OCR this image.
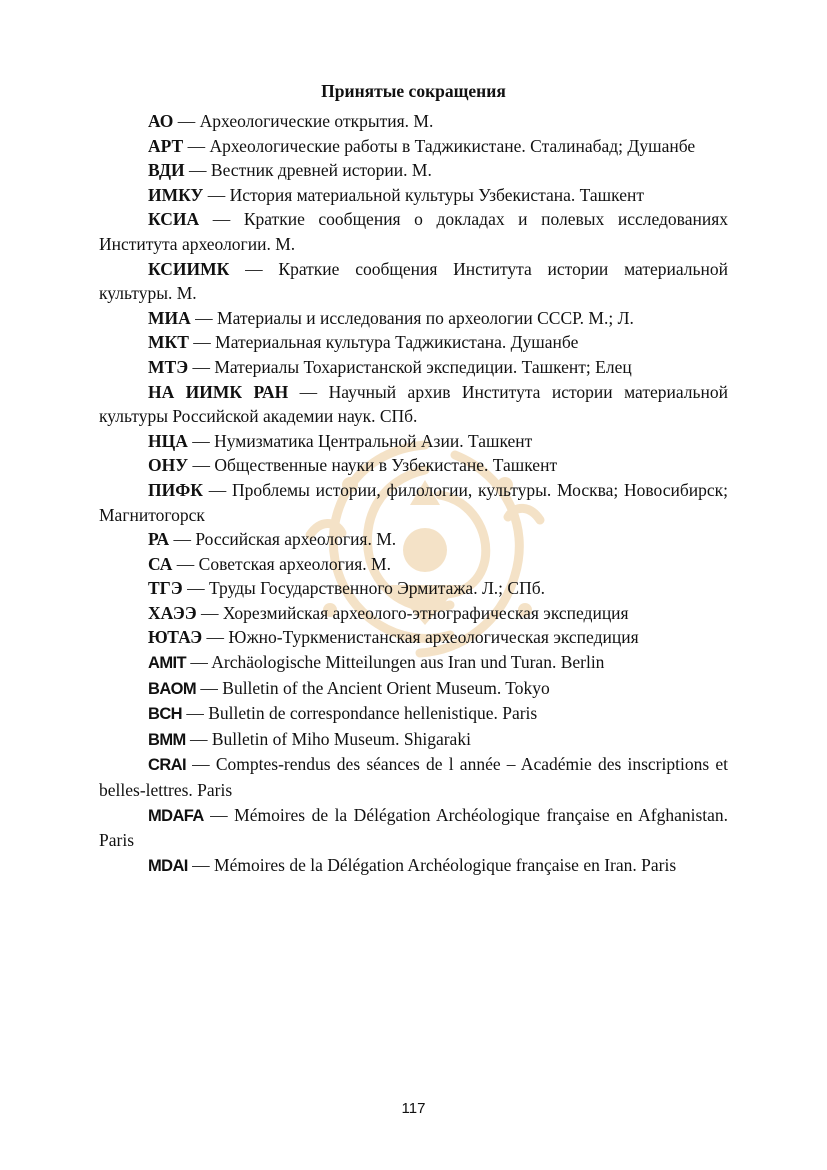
Принятые сокращения

АО — Археологические открытия. М.

АРТ — Археологические работы в Таджикистане. Сталинабад; Душанбе

ВДИ — Вестник древней истории. М.

ИМКУ — История материальной культуры Узбекистана. Ташкент

КСИА — Краткие сообщения о докладах и полевых исследованиях Института археологии. М.

КСИИМК — Краткие сообщения Института истории материальной культуры. М.

МИА — Материалы и исследования по археологии СССР. М.; Л.

МКТ — Материальная культура Таджикистана. Душанбе

МТЭ — Материалы Тохаристанской экспедиции. Ташкент; Елец

НА ИИМК РАН — Научный архив Института истории материальной культуры Российской академии наук. СПб.

НЦА — Нумизматика Центральной Азии. Ташкент

ОНУ — Общественные науки в Узбекистане. Ташкент

ПИФК — Проблемы истории, филологии, культуры. Москва; Новосибирск; Магнитогорск

РА — Российская археология. М.

СА — Советская археология. М.

ТГЭ — Труды Государственного Эрмитажа. Л.; СПб.

ХАЭЭ — Хорезмийская археолого-этнографическая экспедиция

ЮТАЭ — Южно-Туркменистанская археологическая экспедиция

AMIT — Archäologische Mitteilungen aus Iran und Turan. Berlin

BAOM — Bulletin of the Ancient Orient Museum. Tokyo

BCH — Bulletin de correspondance hellenistique. Paris

BMM — Bulletin of Miho Museum. Shigaraki

CRAI — Comptes-rendus des séances de l année – Académie des inscriptions et belles-lettres. Paris

MDAFA — Mémoires de la Délégation Archéologique française en Afghanistan. Paris

MDAI — Mémoires de la Délégation Archéologique française en Iran. Paris

117
